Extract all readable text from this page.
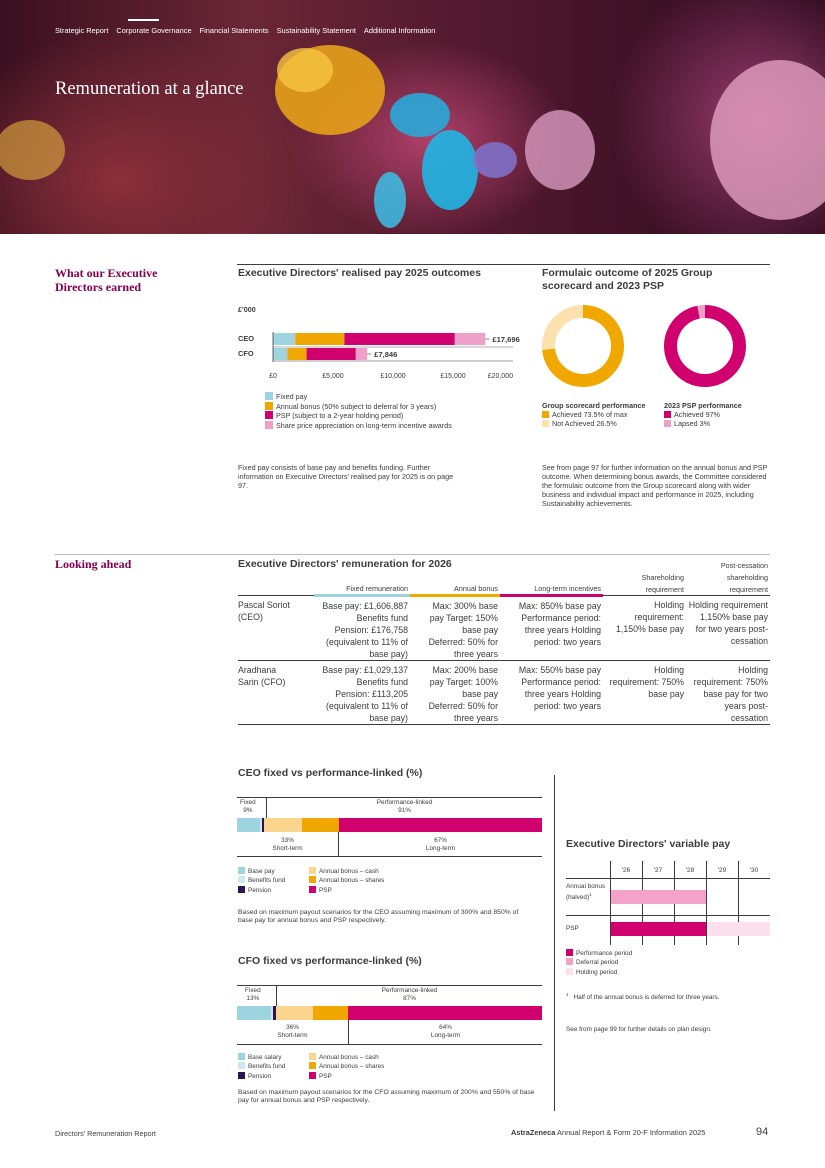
Strategic Report Corporate Governance Financial Statements Sustainability Statement Additional Information
Remuneration at a glance
What our Executive Directors earned
Executive Directors' realised pay 2025 outcomes	Formulaic outcome of 2025 Group scorecard and 2023 PSP
£'000
CEO	£17,696
CFO	£7,846
£0	£5,000	£10,000	£15,000	£20,000
Fixed pay
Annual bonus (50% subject to deferral for 3 years)
PSP (subject to a 2-year holding period)
Share price appreciation on long-term incentive awards
Fixed pay consists of base pay and benefits funding. Further information on Executive Directors' realised pay for 2025 is on page 97.
Group scorecard performance
Achieved 73.5% of max
Not Achieved 26.5%
2023 PSP performance
Achieved 97%
Lapsed 3%
See from page 97 for further information on the annual bonus and PSP outcome. When determining bonus awards, the Committee considered the formulaic outcome from the Group scorecard along with wider business and individual impact and performance in 2025, including Sustainability achievements.
Looking ahead	Executive Directors' remuneration for 2026
	Fixed remuneration	Annual bonus	Long-term incentives	Shareholding requirement	Post-cessation shareholding requirement
Pascal Soriot (CEO)	Base pay: £1,606,887 Benefits fund Pension: £176,758 (equivalent to 11% of base pay)	Max: 300% base pay Target: 150% base pay Deferred: 50% for three years	Max: 850% base pay Performance period: three years Holding period: two years	Holding requirement: 1,150% base pay	Holding requirement 1,150% base pay for two years post-cessation
Aradhana Sarin (CFO)	Base pay: £1,029,137 Benefits fund Pension: £113,205 (equivalent to 11% of base pay)	Max: 200% base pay Target: 100% base pay Deferred: 50% for three years	Max: 550% base pay Performance period: three years Holding period: two years	Holding requirement: 750% base pay	Holding requirement: 750% base pay for two years post-cessation
CEO fixed vs performance-linked (%)
Fixed
9%
Performance-linked
91%
33%
Short-term
67%
Long-term
Base pay
Benefits fund
Pension
Annual bonus – cash
Annual bonus – shares
PSP
Based on maximum payout scenarios for the CEO assuming maximum of 300% and 850% of base pay for annual bonus and PSP respectively.
CFO fixed vs performance-linked (%)
Fixed
13%
Performance-linked
87%
36%
Short-term
64%
Long-term
Base salary
Benefits fund
Pension
Annual bonus – cash
Annual bonus – shares
PSP
Based on maximum payout scenarios for the CFO assuming maximum of 200% and 550% of base pay for annual bonus and PSP respectively.
Executive Directors' variable pay
'26	'27	'28	'29	'30
Annual bonus (halved)$^1$
PSP
Performance period
Deferral period
Holding period
$^1$ Half of the annual bonus is deferred for three years.
See from page 99 for further details on plan design.
Directors' Remuneration Report	AstraZeneca Annual Report & Form 20-F Information 2025	94
